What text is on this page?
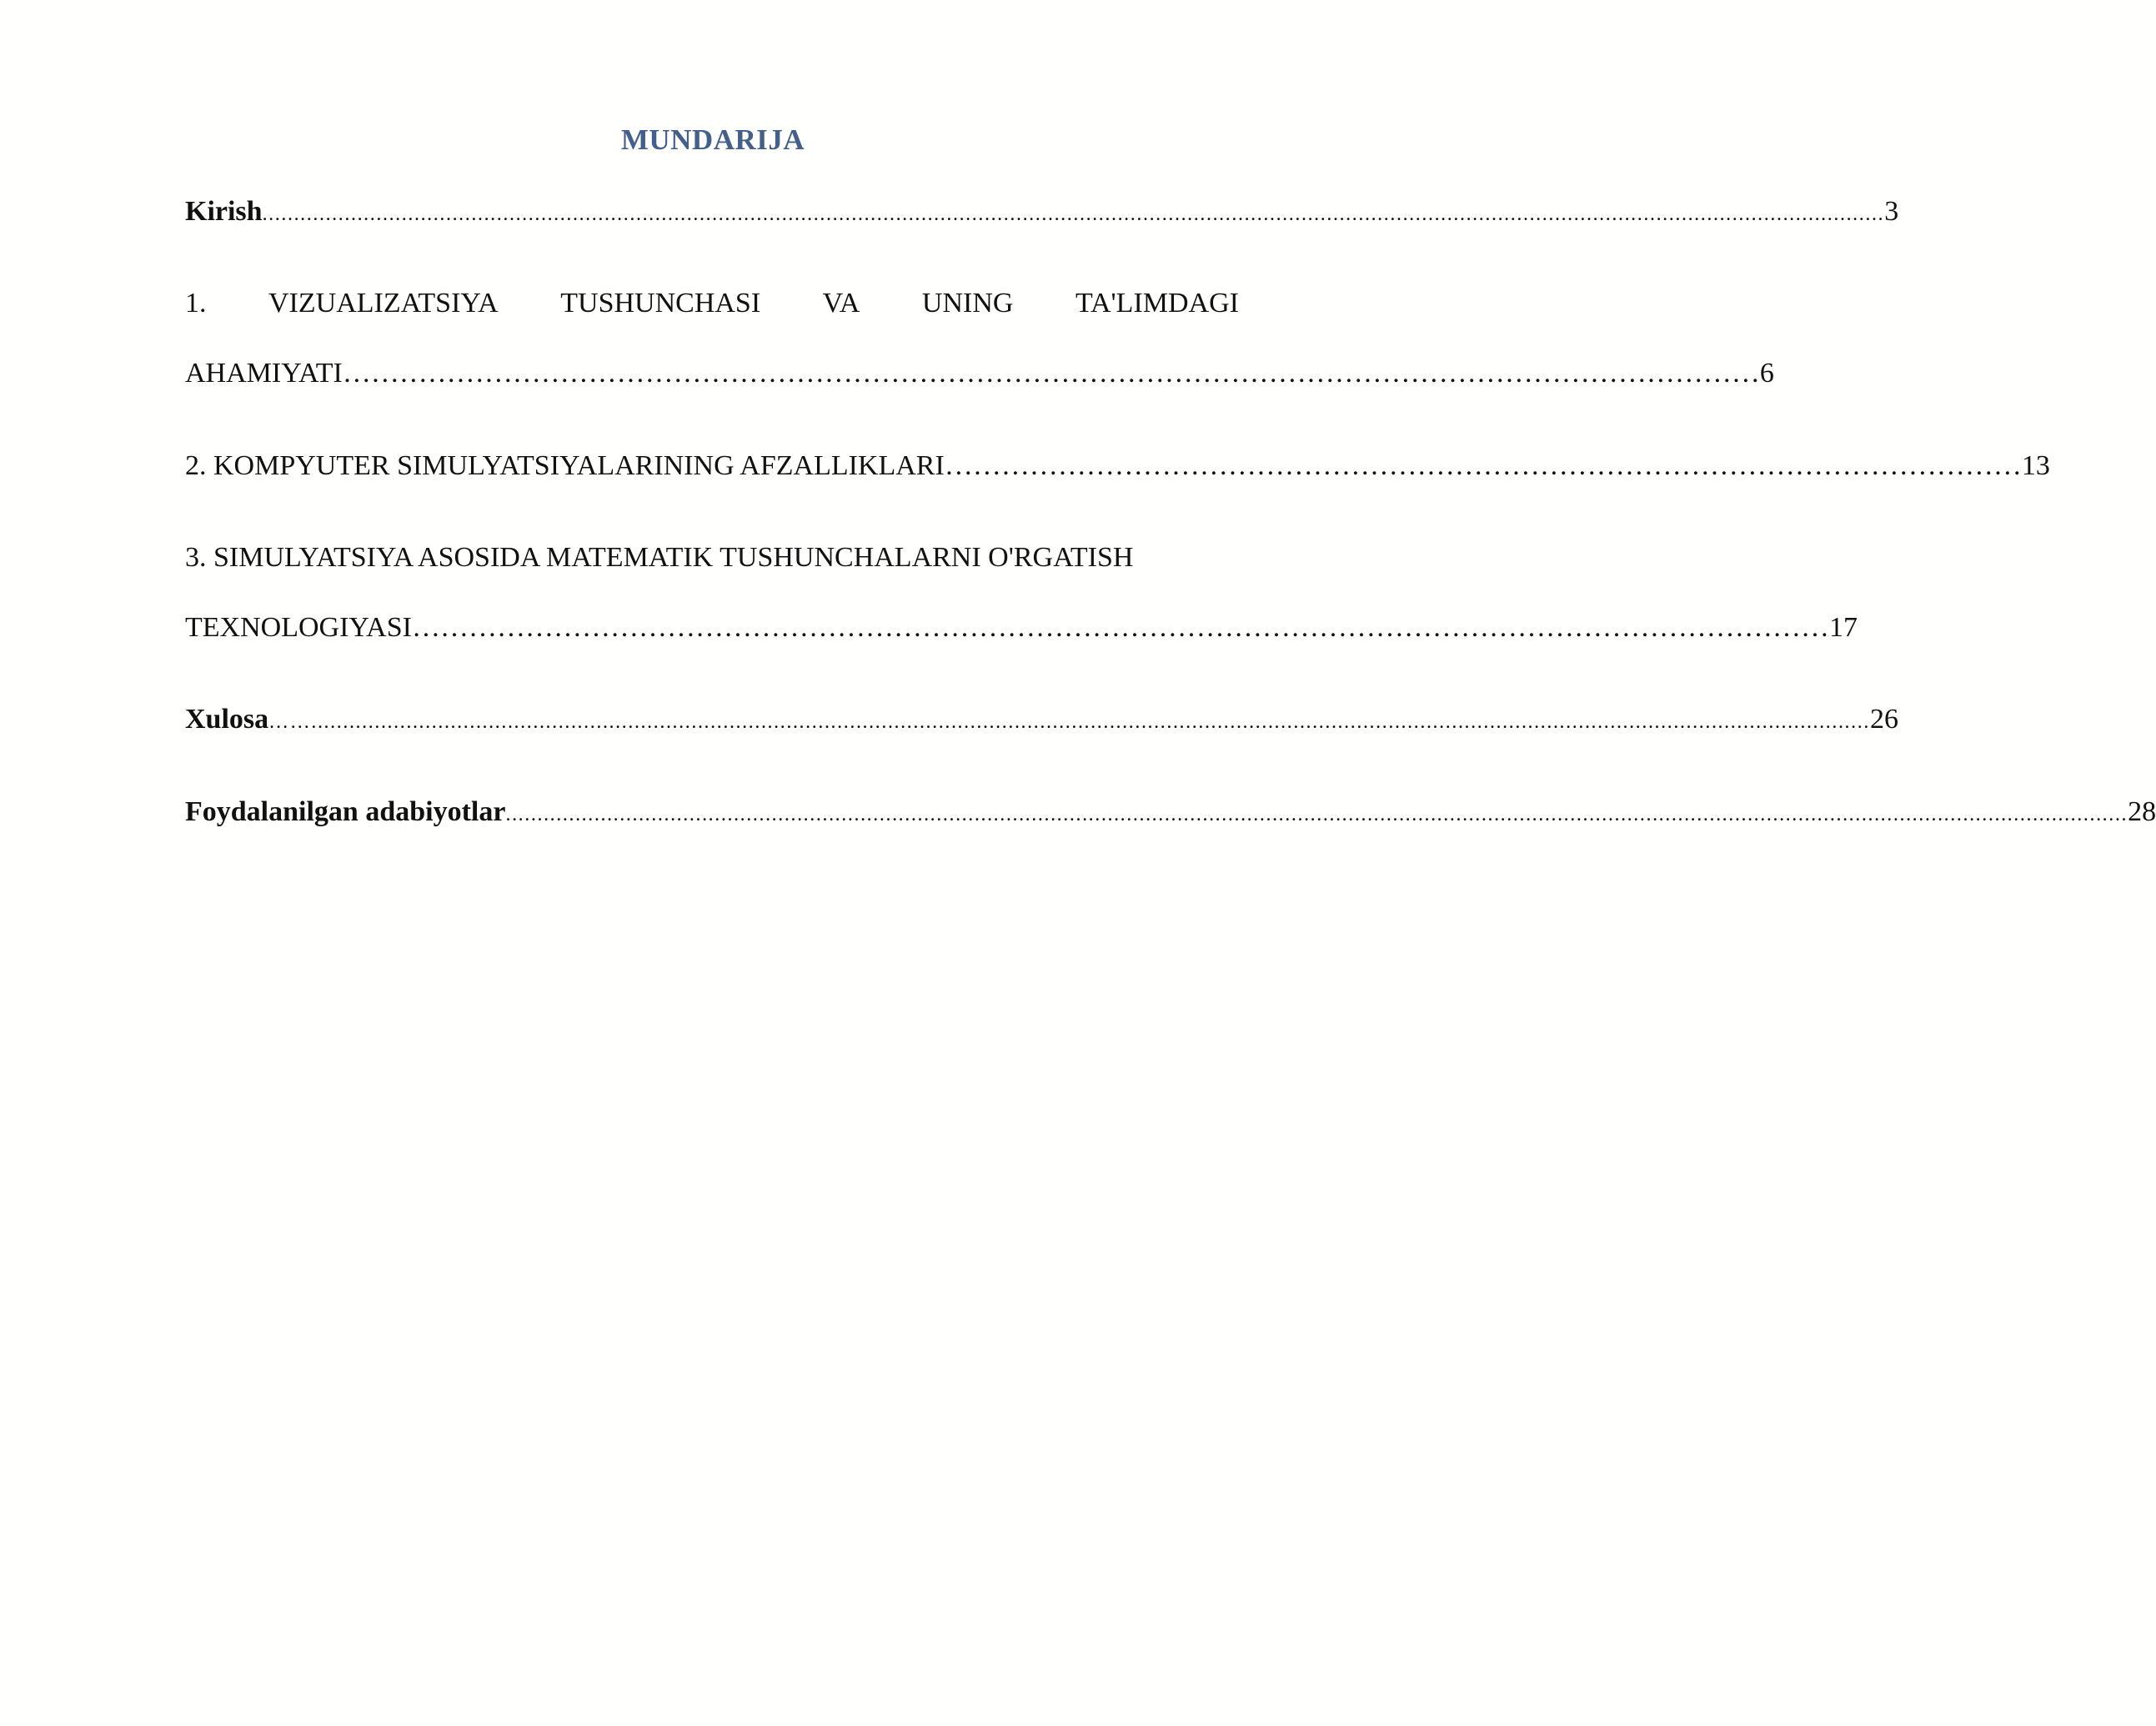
MUNDARIJA
Kirish ................................................................................................................................................................................................................................................................ 3
1. VIZUALIZATSIYA TUSHUNCHASI VA UNING TA'LIMDAGI
AHAMIYATI …………………………………………………………………………………………………………………………………… 6
2. KOMPYUTER SIMULYATSIYALARINING AFZALLIKLARI …………………………………………………………………………………………………… 13
3. SIMULYATSIYA ASOSIDA MATEMATIK TUSHUNCHALARNI O'RGATISH
TEXNOLOGIYASI …………………………………………………………………………………………………………………………………… 17
Xulosa ……...................................................................................................................................................................................................................................................... 26
Foydalanilgan adabiyotlar ................................................................................................................................................................................................................................................................ 28
